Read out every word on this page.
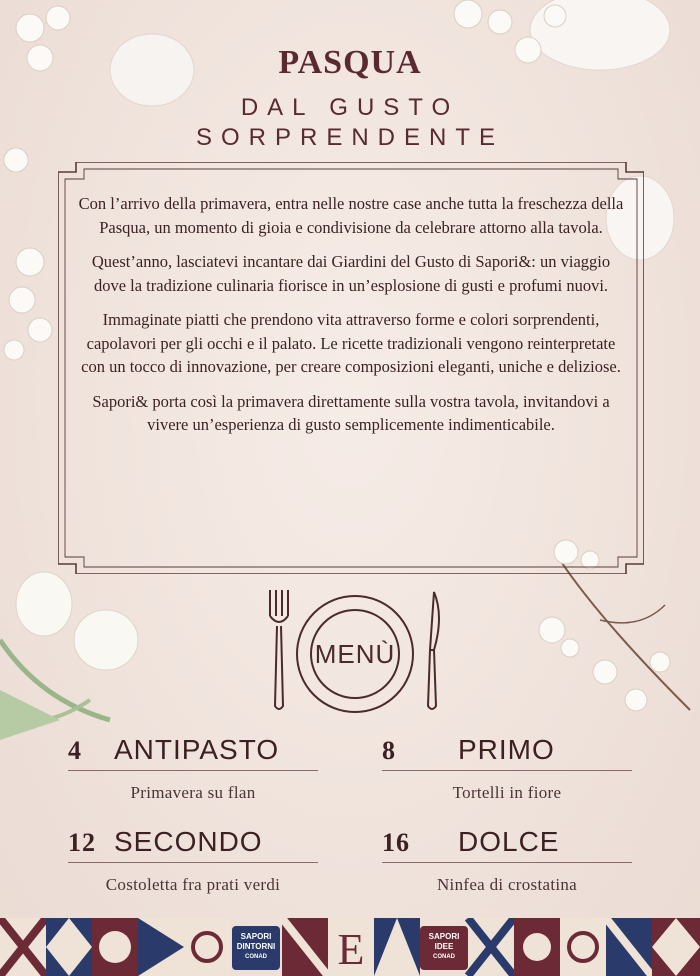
PASQUA
DAL GUSTO
SORPRENDENTE

Con l’arrivo della primavera, entra nelle nostre case anche tutta la freschezza della Pasqua, un momento di gioia e condivisione da celebrare attorno alla tavola.

Quest’anno, lasciatevi incantare dai Giardini del Gusto di Sapori&: un viaggio dove la tradizione culinaria fiorisce in un’esplosione di gusti e profumi nuovi.

Immaginate piatti che prendono vita attraverso forme e colori sorprendenti, capolavori per gli occhi e il palato. Le ricette tradizionali vengono reinterpretate con un tocco di innovazione, per creare composizioni eleganti, uniche e deliziose.

Sapori& porta così la primavera direttamente sulla vostra tavola, invitandovi a vivere un’esperienza di gusto semplicemente indimenticabile.

MENÙ
4	ANTIPASTO
Primavera su flan
8	PRIMO
Tortelli in fiore
12 SECONDO
Costoletta fra prati verdi
16	DOLCE
Ninfea di crostatina
E
SAPORI
DINTORNI
CONAD
SAPORI
IDEE
CONAD
